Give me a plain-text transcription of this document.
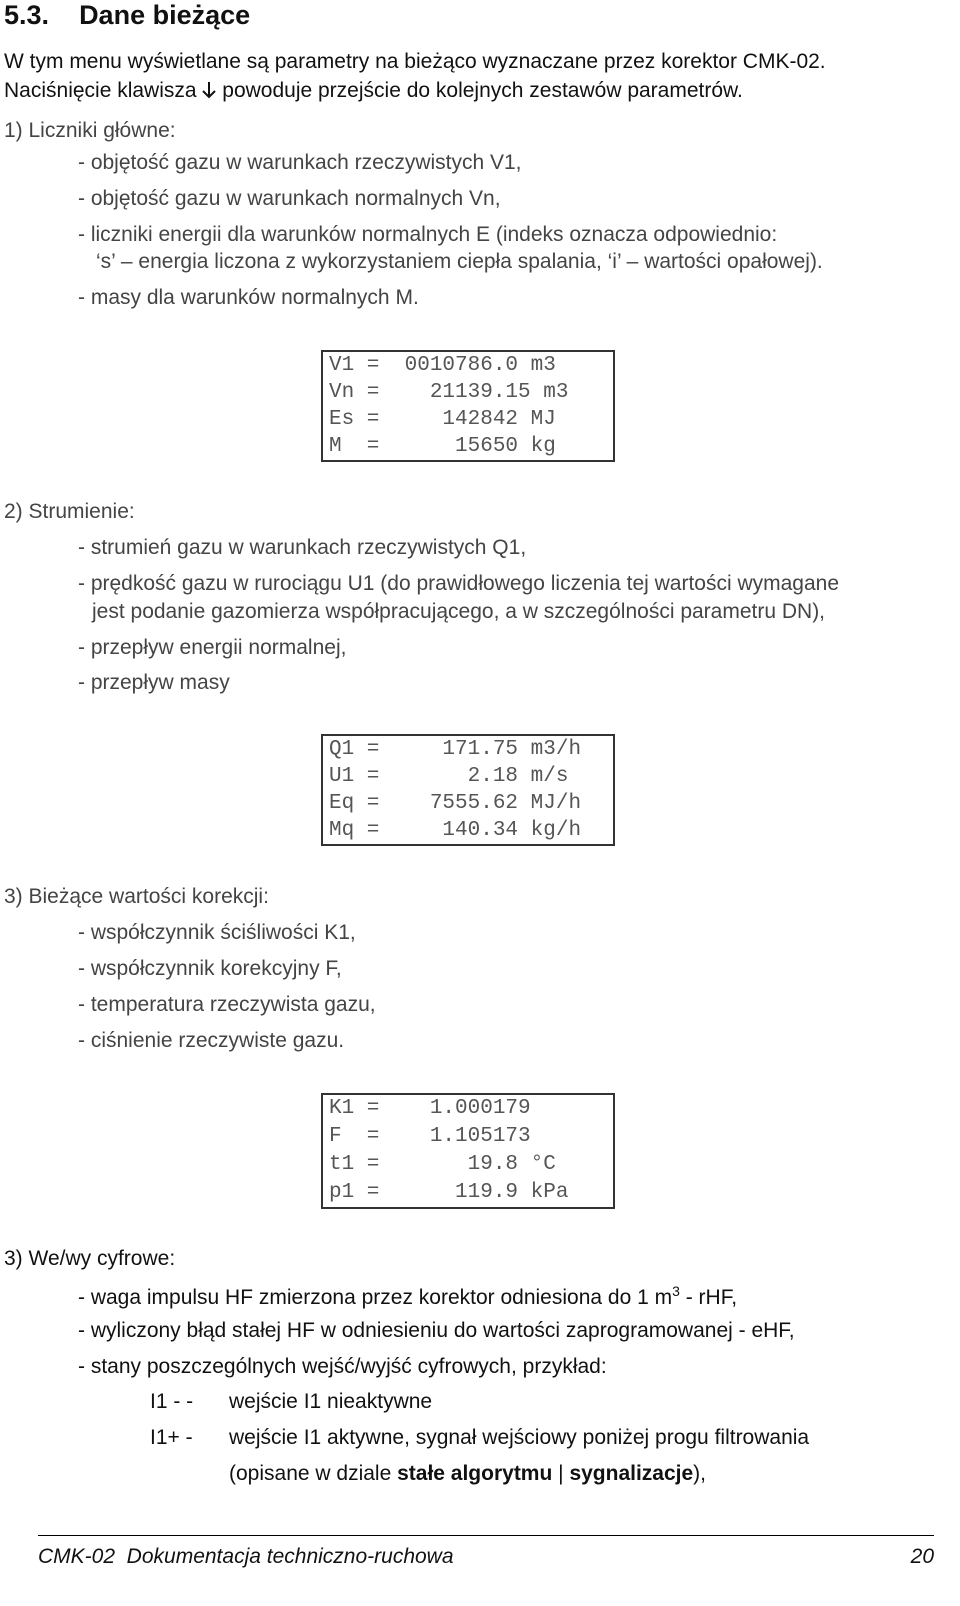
5.3. Dane bieżące
W tym menu wyświetlane są parametry na bieżąco wyznaczane przez korektor CMK-02.
Naciśnięcie klawisza powoduje przejście do kolejnych zestawów parametrów.
1) Liczniki główne:
- objętość gazu w warunkach rzeczywistych V1,
- objętość gazu w warunkach normalnych Vn,
- liczniki energii dla warunków normalnych E (indeks oznacza odpowiednio:
‘s’ – energia liczona z wykorzystaniem ciepła spalania, ‘i’ – wartości opałowej).
- masy dla warunków normalnych M.
V1 =  0010786.0 m3
Vn =    21139.15 m3
Es =     142842 MJ
M  =      15650 kg
2) Strumienie:
- strumień gazu w warunkach rzeczywistych Q1,
- prędkość gazu w rurociągu U1 (do prawidłowego liczenia tej wartości wymagane
jest podanie gazomierza współpracującego, a w szczególności parametru DN),
- przepływ energii normalnej,
- przepływ masy
Q1 =     171.75 m3/h
U1 =       2.18 m/s
Eq =    7555.62 MJ/h
Mq =     140.34 kg/h
3) Bieżące wartości korekcji:
- współczynnik ściśliwości K1,
- współczynnik korekcyjny F,
- temperatura rzeczywista gazu,
- ciśnienie rzeczywiste gazu.
K1 =    1.000179
F  =    1.105173
t1 =       19.8 °C
p1 =      119.9 kPa
3) We/wy cyfrowe:
- waga impulsu HF zmierzona przez korektor odniesiona do 1 $m^3$ - rHF,
- wyliczony błąd stałej HF w odniesieniu do wartości zaprogramowanej - eHF,
- stany poszczególnych wejść/wyjść cyfrowych, przykład:
I1 - - wejście I1 nieaktywne
I1+ - wejście I1 aktywne, sygnał wejściowy poniżej progu filtrowania
(opisane w dziale stałe algorytmu | sygnalizacje),
CMK-02  Dokumentacja techniczno-ruchowa	20
